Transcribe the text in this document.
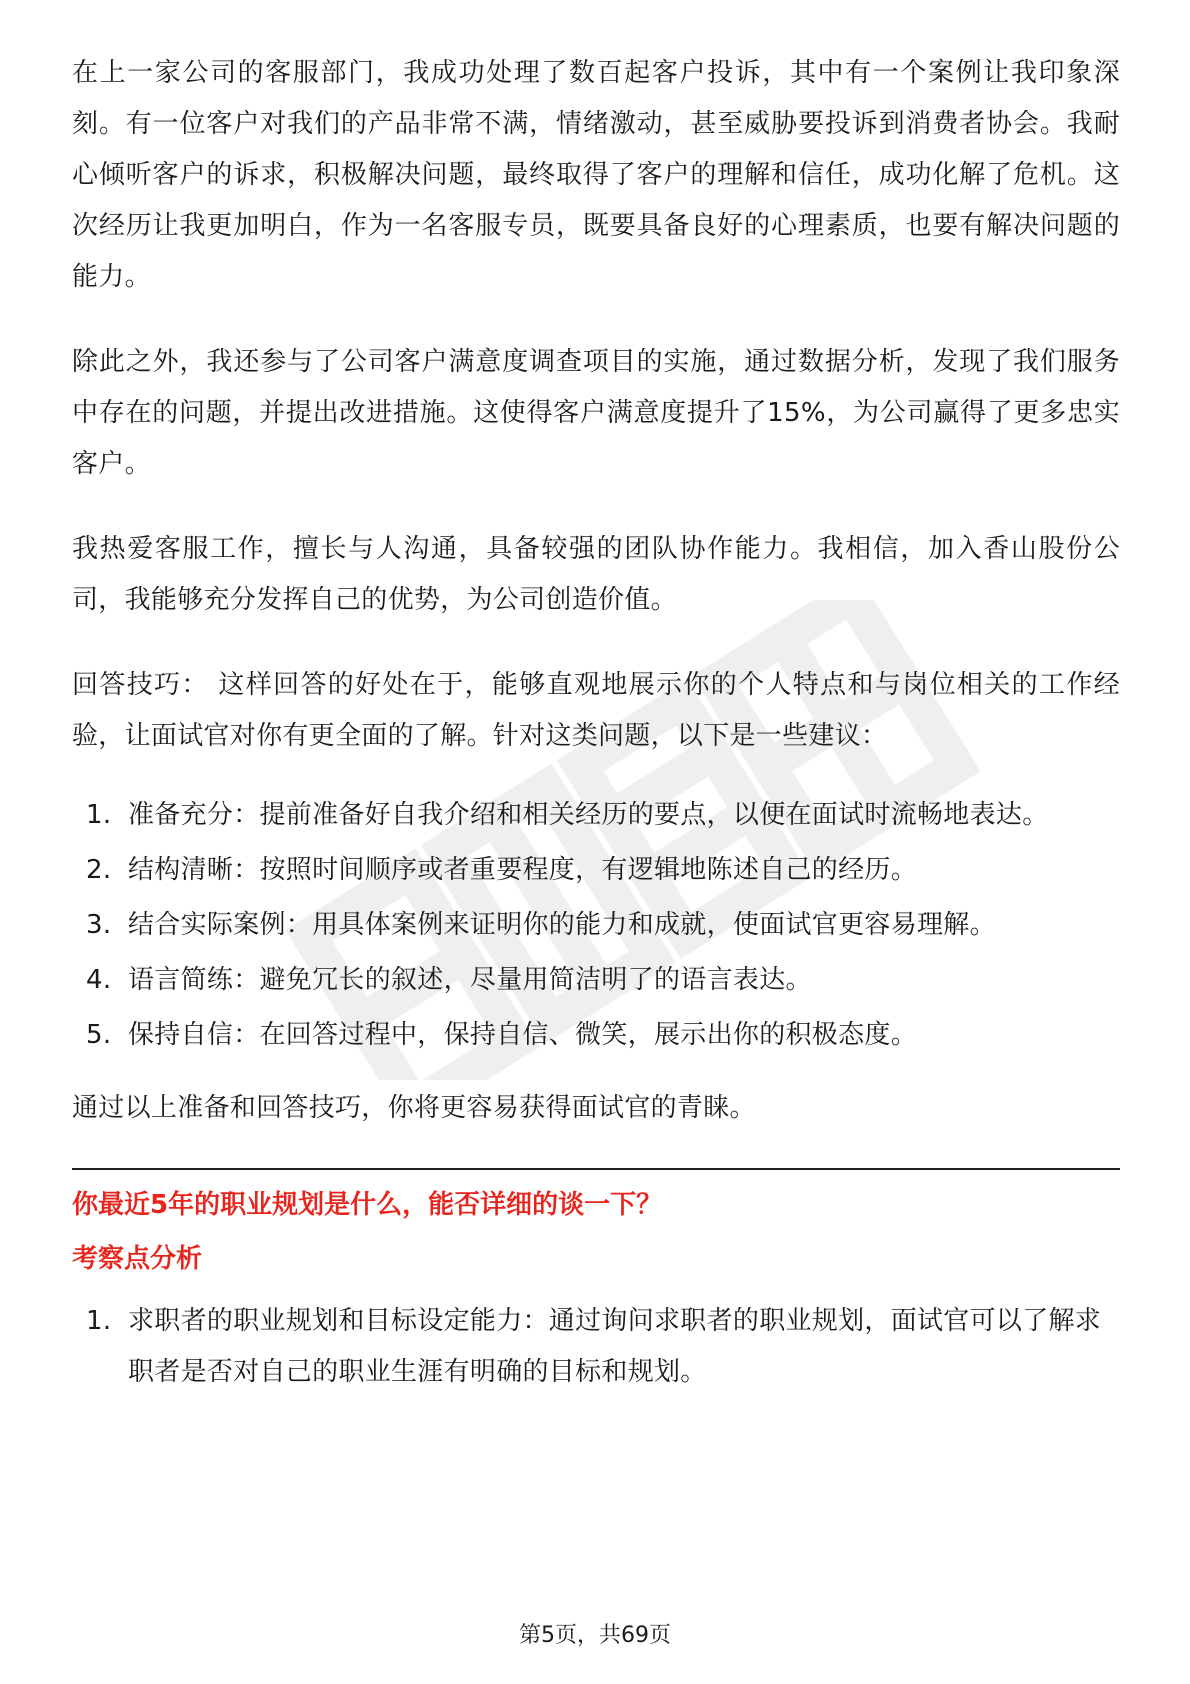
在上一家公司的客服部门，我成功处理了数百起客户投诉，其中有一个案例让我印象深刻。有一位客户对我们的产品非常不满，情绪激动，甚至威胁要投诉到消费者协会。我耐心倾听客户的诉求，积极解决问题，最终取得了客户的理解和信任，成功化解了危机。这次经历让我更加明白，作为一名客服专员，既要具备良好的心理素质，也要有解决问题的能力。

除此之外，我还参与了公司客户满意度调查项目的实施，通过数据分析，发现了我们服务中存在的问题，并提出改进措施。这使得客户满意度提升了15%，为公司赢得了更多忠实客户。

我热爱客服工作，擅长与人沟通，具备较强的团队协作能力。我相信，加入香山股份公司，我能够充分发挥自己的优势，为公司创造价值。

回答技巧： 这样回答的好处在于，能够直观地展示你的个人特点和与岗位相关的工作经验，让面试官对你有更全面的了解。针对这类问题，以下是一些建议：

1. 准备充分：提前准备好自我介绍和相关经历的要点，以便在面试时流畅地表达。
2. 结构清晰：按照时间顺序或者重要程度，有逻辑地陈述自己的经历。
3. 结合实际案例：用具体案例来证明你的能力和成就，使面试官更容易理解。
4. 语言简练：避免冗长的叙述，尽量用简洁明了的语言表达。
5. 保持自信：在回答过程中，保持自信、微笑，展示出你的积极态度。

通过以上准备和回答技巧，你将更容易获得面试官的青睐。

你最近5年的职业规划是什么，能否详细的谈一下？
考察点分析
1. 求职者的职业规划和目标设定能力：通过询问求职者的职业规划，面试官可以了解求职者是否对自己的职业生涯有明确的目标和规划。
第5页，共69页
